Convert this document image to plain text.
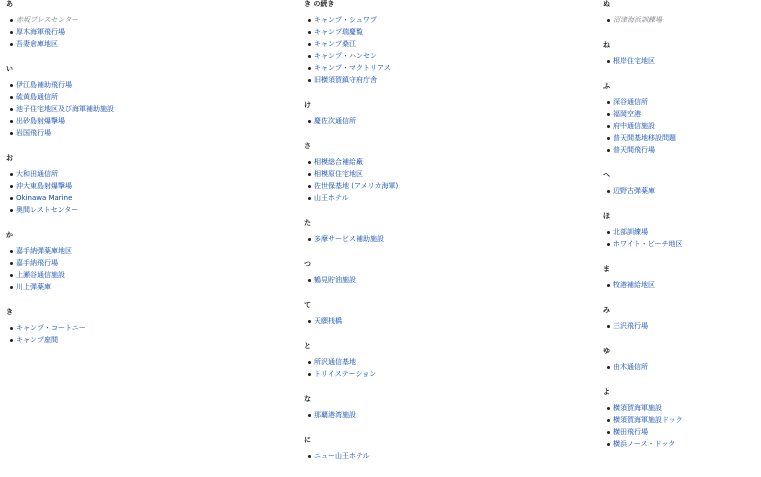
あ
赤坂プレスセンター
厚木海軍飛行場
吾妻倉庫地区
い
伊江島補助飛行場
硫黄島通信所
池子住宅地区及び海軍補助施設
出砂島射爆撃場
岩国飛行場
お
大和田通信所
沖大東島射爆撃場
Okinawa Marine
奥間レストセンター
か
嘉手納弾薬庫地区
嘉手納飛行場
上瀬谷通信施設
川上弾薬庫
き
キャンプ・コートニー
キャンプ座間
き の続き
キャンプ・シュワブ
キャンプ瑞慶覧
キャンプ桑江
キャンプ・ハンセン
キャンプ・マクトリアス
旧横須賀鎮守府庁舎
け
慶佐次通信所
さ
相模総合補給廠
相模原住宅地区
佐世保基地 (アメリカ海軍)
山王ホテル
た
多摩サービス補助施設
つ
鶴見貯油施設
て
天願桟橋
と
所沢通信基地
トリイステーション
な
那覇港湾施設
に
ニュー山王ホテル
ぬ
沼津海浜訓練場
ね
根岸住宅地区
ふ
深谷通信所
福岡空港
府中通信施設
普天間基地移設問題
普天間飛行場
へ
辺野古弾薬庫
ほ
北部訓練場
ホワイト・ビーチ地区
ま
牧港補給地区
み
三沢飛行場
ゆ
由木通信所
よ
横須賀海軍施設
横須賀海軍施設ドック
横田飛行場
横浜ノース・ドック
